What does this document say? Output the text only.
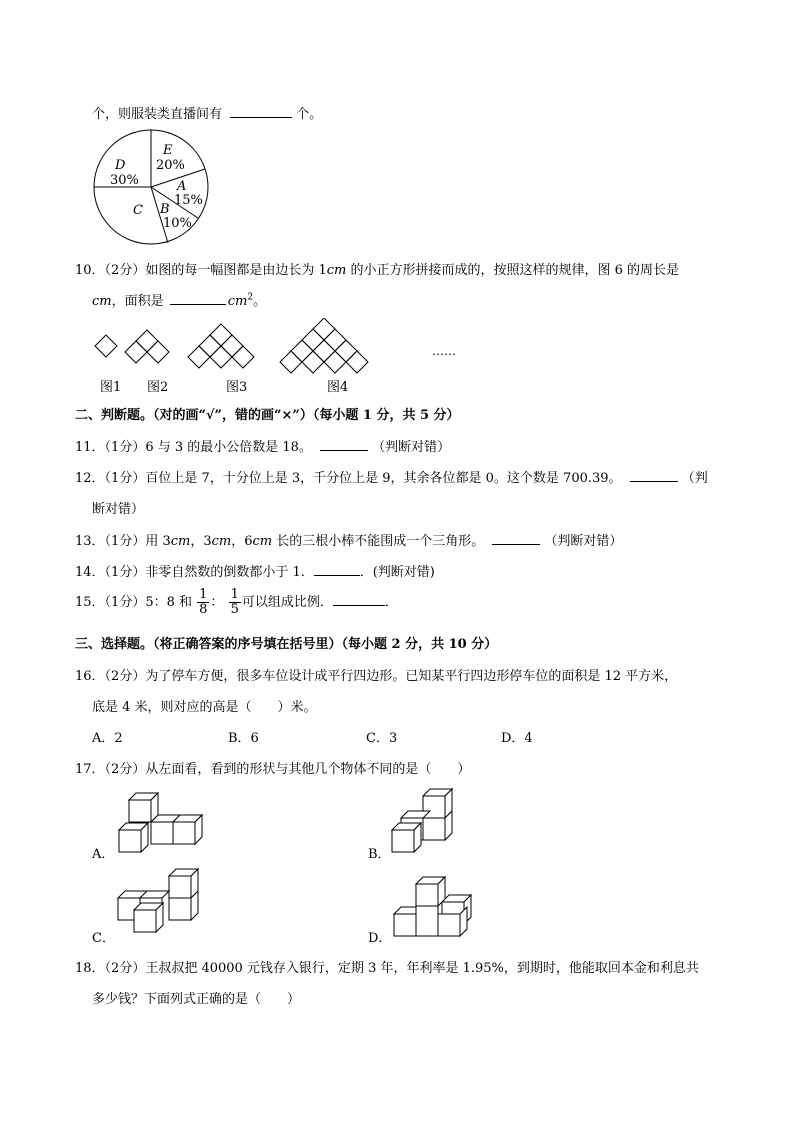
个，则服装类直播间有	个。
E
20%
D
30%	A
15%
B
10%
C
10．（2分）如图的每一幅图都是由边长为 1cm 的小正方形拼接而成的，按照这样的规律，图 6 的周长是
cm，面积是	$cm^2$。
……
图1 图2	图3	图4
二、判断题。（对的画“√”，错的画“×”）（每小题 1 分，共 5 分）
11．（1分）6 与 3 的最小公倍数是 18。	（判断对错）
12．（1分）百位上是 7，十分位上是 3，千分位上是 9，其余各位都是 0。这个数是 700.39。	（判
断对错）
13．（1分）用 3cm，3cm，6cm 长的三根小棒不能围成一个三角形。	（判断对错）
14．（1分）非零自然数的倒数都小于 1．	．(判断对错)
15．（1分）5：8 和 $\frac{1}{8}$ ： $\frac{1}{5}$ 可以组成比例．	．
三、选择题。（将正确答案的序号填在括号里）（每小题 2 分，共 10 分）
16．（2分）为了停车方便，很多车位设计成平行四边形。已知某平行四边形停车位的面积是 12 平方米，
底是 4 米，则对应的高是（　　）米。
A．2	B．6	C．3	D．4
17．（2分）从左面看，看到的形状与其他几个物体不同的是（　　）
A．	B．
C．	D．
18．（2分）王叔叔把 40000 元钱存入银行，定期 3 年，年利率是 1.95%，到期时，他能取回本金和利息共
多少钱？下面列式正确的是（　　）
